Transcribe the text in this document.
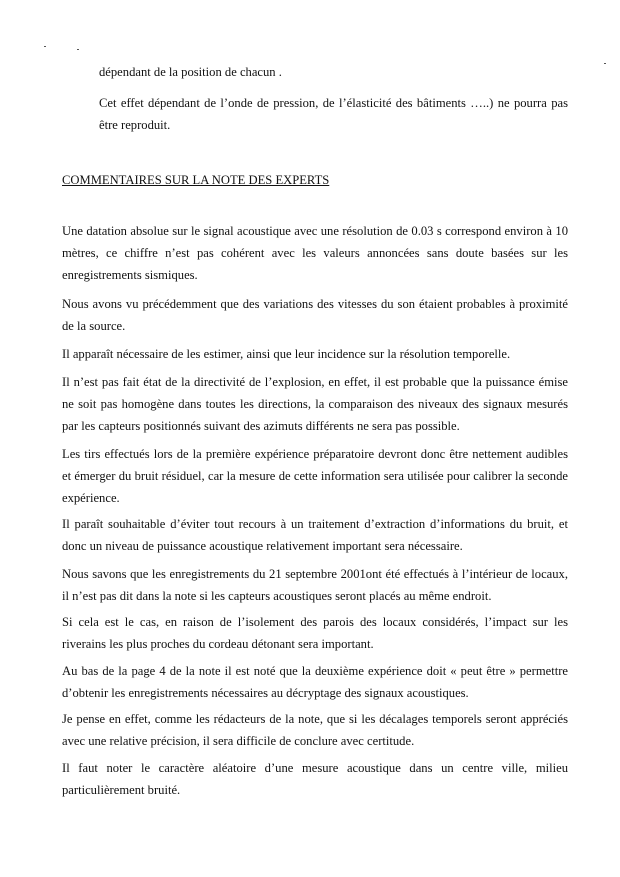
dépendant de la position de chacun .

Cet effet dépendant de l’onde de pression, de l’élasticité des bâtiments …..) ne pourra pas être reproduit.

COMMENTAIRES SUR LA NOTE DES EXPERTS

Une datation absolue sur le signal acoustique avec une résolution de 0.03 s correspond environ à 10 mètres, ce chiffre n’est pas cohérent avec les valeurs annoncées sans doute basées sur les enregistrements sismiques.

Nous avons vu précédemment que des variations des vitesses du son étaient probables à proximité de la source.

Il apparaît nécessaire de les estimer, ainsi que leur incidence sur la résolution temporelle.

Il n’est pas fait état de la directivité de l’explosion, en effet, il est probable que la puissance émise ne soit pas homogène dans toutes les directions, la comparaison des niveaux des signaux mesurés par les capteurs positionnés suivant des azimuts différents ne sera pas possible.

Les tirs effectués lors de la première expérience préparatoire devront donc être nettement audibles et émerger du bruit résiduel, car la mesure de cette information sera utilisée pour calibrer la seconde expérience.

Il paraît souhaitable d’éviter tout recours à un traitement d’extraction d’informations du bruit, et donc un niveau de puissance acoustique relativement important sera nécessaire.

Nous savons que les enregistrements du 21 septembre 2001ont été effectués à l’intérieur de locaux, il n’est pas dit dans la note si les capteurs acoustiques seront placés au même endroit.

Si cela est le cas, en raison de l’isolement des parois des locaux considérés, l’impact sur les riverains les plus proches du cordeau détonant sera important.

Au bas de la page 4 de la note il est noté que la deuxième expérience doit « peut être » permettre d’obtenir les enregistrements nécessaires au décryptage des signaux acoustiques.

Je pense en effet, comme les rédacteurs de la note, que si les décalages temporels seront appréciés avec une relative précision, il sera difficile de conclure avec certitude.

Il faut noter le caractère aléatoire d’une mesure acoustique dans un centre ville, milieu particulièrement bruité.
